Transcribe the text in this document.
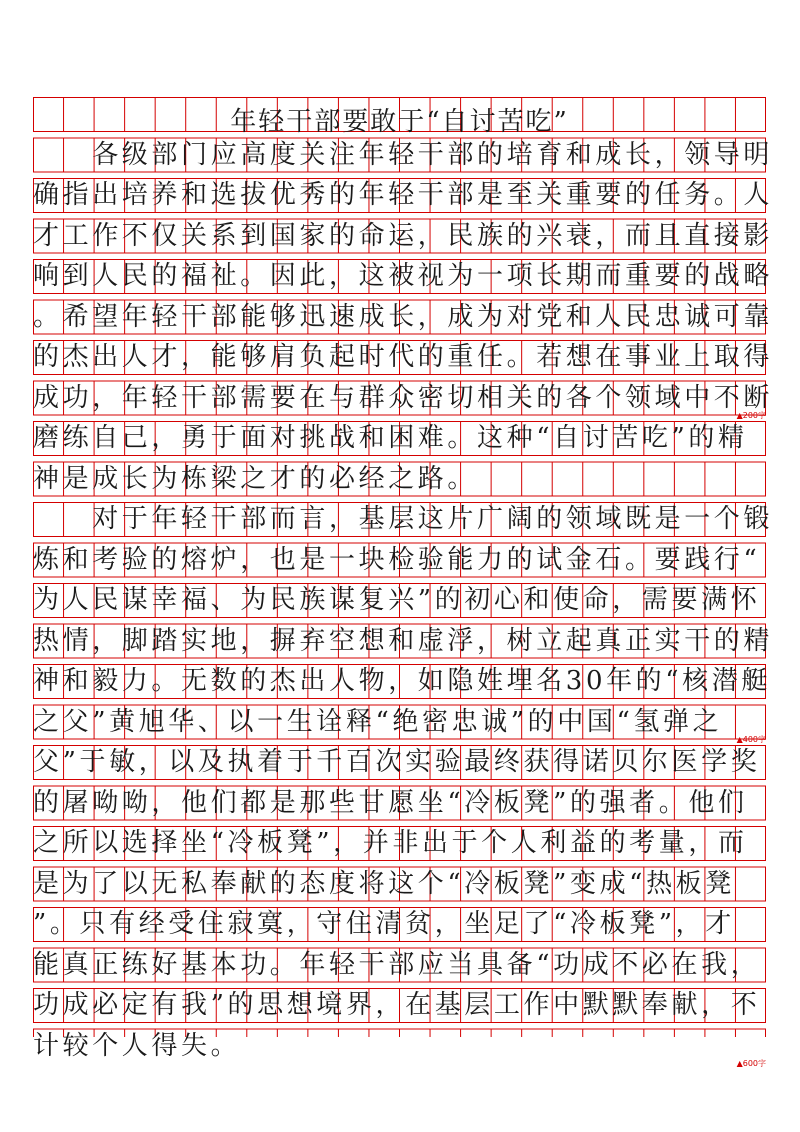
年轻干部要敢于“自讨苦吃”
　　各级部门应高度关注年轻干部的培育和成长，领导明
确指出培养和选拔优秀的年轻干部是至关重要的任务。人
才工作不仅关系到国家的命运，民族的兴衰，而且直接影
响到人民的福祉。因此，这被视为一项长期而重要的战略
。希望年轻干部能够迅速成长，成为对党和人民忠诚可靠
的杰出人才，能够肩负起时代的重任。若想在事业上取得
成功，年轻干部需要在与群众密切相关的各个领域中不断
磨练自己，勇于面对挑战和困难。这种“自讨苦吃”的精
神是成长为栋梁之才的必经之路。
　　对于年轻干部而言，基层这片广阔的领域既是一个锻
炼和考验的熔炉，也是一块检验能力的试金石。要践行“
为人民谋幸福、为民族谋复兴”的初心和使命，需要满怀
热情，脚踏实地，摒弃空想和虚浮，树立起真正实干的精
神和毅力。无数的杰出人物，如隐姓埋名30年的“核潜艇
之父”黄旭华、以一生诠释“绝密忠诚”的中国“氢弹之
父”于敏，以及执着于千百次实验最终获得诺贝尔医学奖
的屠呦呦，他们都是那些甘愿坐“冷板凳”的强者。他们
之所以选择坐“冷板凳”，并非出于个人利益的考量，而
是为了以无私奉献的态度将这个“冷板凳”变成“热板凳
”。只有经受住寂寞，守住清贫，坐足了“冷板凳”，才
能真正练好基本功。年轻干部应当具备“功成不必在我，
功成必定有我”的思想境界，在基层工作中默默奉献，不
计较个人得失。
▲200字
▲400字
▲600字
